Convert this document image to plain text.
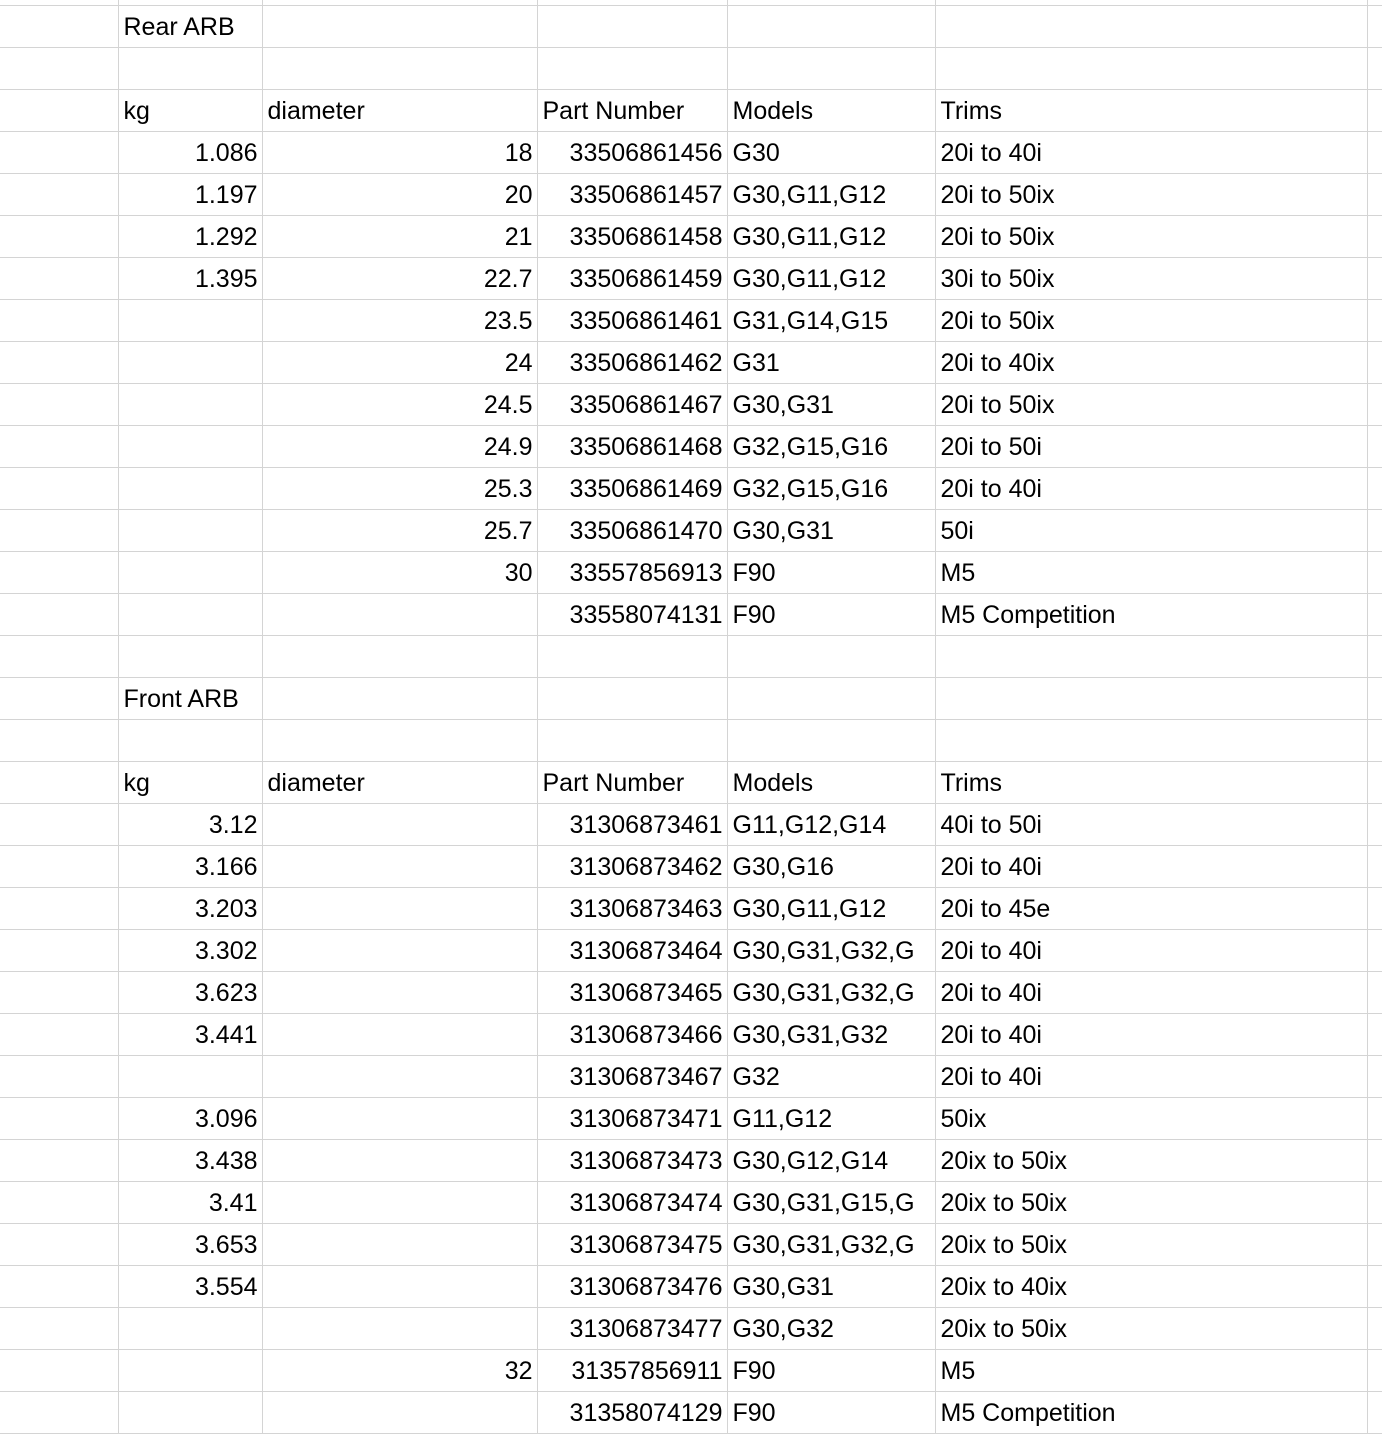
	Rear ARB					

	kg	diameter	Part Number	Models	Trims	
	1.086	18	33506861456	G30	20i to 40i	
	1.197	20	33506861457	G30,G11,G12	20i to 50ix	
	1.292	21	33506861458	G30,G11,G12	20i to 50ix	
	1.395	22.7	33506861459	G30,G11,G12	30i to 50ix	
		23.5	33506861461	G31,G14,G15	20i to 50ix	
		24	33506861462	G31	20i to 40ix	
		24.5	33506861467	G30,G31	20i to 50ix	
		24.9	33506861468	G32,G15,G16	20i to 50i	
		25.3	33506861469	G32,G15,G16	20i to 40i	
		25.7	33506861470	G30,G31	50i	
		30	33557856913	F90	M5	
			33558074131	F90	M5 Competition	

	Front ARB					

	kg	diameter	Part Number	Models	Trims	
	3.12		31306873461	G11,G12,G14	40i to 50i	
	3.166		31306873462	G30,G16	20i to 40i	
	3.203		31306873463	G30,G11,G12	20i to 45e	
	3.302		31306873464	G30,G31,G32,G	20i to 40i	
	3.623		31306873465	G30,G31,G32,G	20i to 40i	
	3.441		31306873466	G30,G31,G32	20i to 40i	
			31306873467	G32	20i to 40i	
	3.096		31306873471	G11,G12	50ix	
	3.438		31306873473	G30,G12,G14	20ix to 50ix	
	3.41		31306873474	G30,G31,G15,G	20ix to 50ix	
	3.653		31306873475	G30,G31,G32,G	20ix to 50ix	
	3.554		31306873476	G30,G31	20ix to 40ix	
			31306873477	G30,G32	20ix to 50ix	
		32	31357856911	F90	M5	
			31358074129	F90	M5 Competition	
